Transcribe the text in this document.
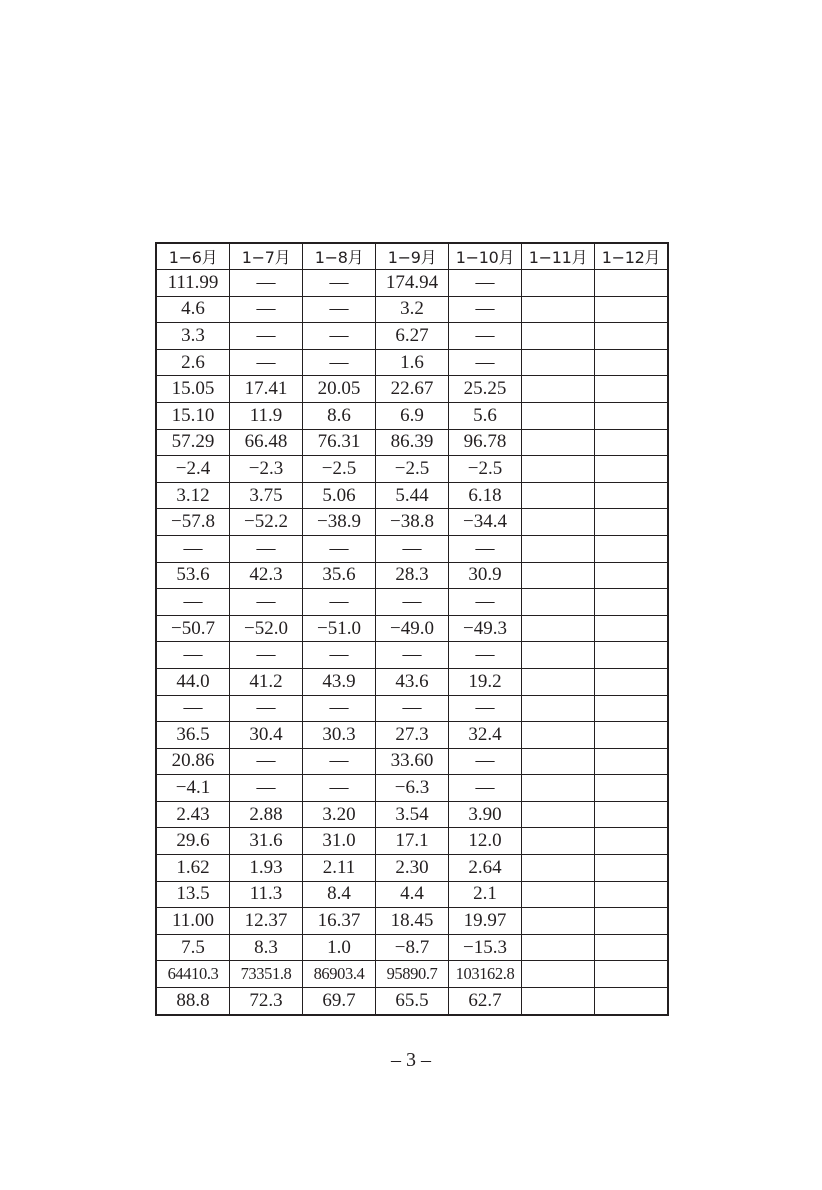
1−6月	1−7月	1−8月	1−9月	1−10月	1−11月	1−12月
111.99	—	—	174.94	—		
4.6	—	—	3.2	—		
3.3	—	—	6.27	—		
2.6	—	—	1.6	—		
15.05	17.41	20.05	22.67	25.25		
15.10	11.9	8.6	6.9	5.6		
57.29	66.48	76.31	86.39	96.78		
−2.4	−2.3	−2.5	−2.5	−2.5		
3.12	3.75	5.06	5.44	6.18		
−57.8	−52.2	−38.9	−38.8	−34.4		
—	—	—	—	—		
53.6	42.3	35.6	28.3	30.9		
—	—	—	—	—		
−50.7	−52.0	−51.0	−49.0	−49.3		
—	—	—	—	—		
44.0	41.2	43.9	43.6	19.2		
—	—	—	—	—		
36.5	30.4	30.3	27.3	32.4		
20.86	—	—	33.60	—		
−4.1	—	—	−6.3	—		
2.43	2.88	3.20	3.54	3.90		
29.6	31.6	31.0	17.1	12.0		
1.62	1.93	2.11	2.30	2.64		
13.5	11.3	8.4	4.4	2.1		
11.00	12.37	16.37	18.45	19.97		
7.5	8.3	1.0	−8.7	−15.3		
64410.3	73351.8	86903.4	95890.7	103162.8		
88.8	72.3	69.7	65.5	62.7		
– 3 –
